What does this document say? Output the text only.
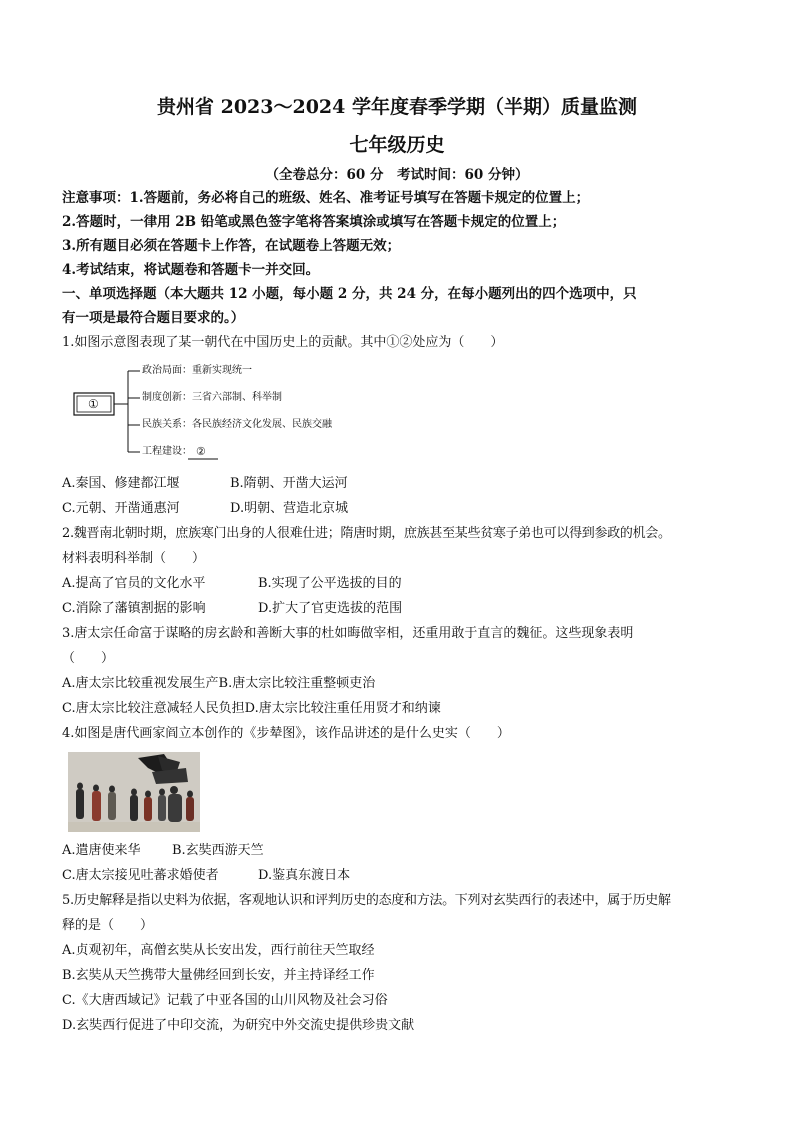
贵州省 2023～2024 学年度春季学期（半期）质量监测
七年级历史
（全卷总分：60 分　考试时间：60 分钟）
注意事项：1.答题前，务必将自己的班级、姓名、准考证号填写在答题卡规定的位置上；
2.答题时，一律用 2B 铅笔或黑色签字笔将答案填涂或填写在答题卡规定的位置上；
3.所有题目必须在答题卡上作答，在试题卷上答题无效；
4.考试结束，将试题卷和答题卡一并交回。
一、单项选择题（本大题共 12 小题，每小题 2 分，共 24 分，在每小题列出的四个选项中，只
有一项是最符合题目要求的。）
1.如图示意图表现了某一朝代在中国历史上的贡献。其中①②处应为（　　）
①
政治局面：重新实现统一
制度创新：三省六部制、科举制
民族关系：各民族经济文化发展、民族交融
工程建设： ②
A.秦国、修建都江堰	B.隋朝、开凿大运河
C.元朝、开凿通惠河	D.明朝、营造北京城
2.魏晋南北朝时期，庶族寒门出身的人很难仕进；隋唐时期，庶族甚至某些贫寒子弟也可以得到参政的机会。
材料表明科举制（　　）
A.提高了官员的文化水平	B.实现了公平选拔的目的
C.消除了藩镇割据的影响	D.扩大了官吏选拔的范围
3.唐太宗任命富于谋略的房玄龄和善断大事的杜如晦做宰相，还重用敢于直言的魏征。这些现象表明
（　　）
A.唐太宗比较重视发展生产 B.唐太宗比较注重整顿吏治
C.唐太宗比较注意减轻人民负担 D.唐太宗比较注重任用贤才和纳谏
4.如图是唐代画家阎立本创作的《步辇图》，该作品讲述的是什么史实（　　）
A.遣唐使来华	B.玄奘西游天竺
C.唐太宗接见吐蕃求婚使者	D.鉴真东渡日本
5.历史解释是指以史料为依据，客观地认识和评判历史的态度和方法。下列对玄奘西行的表述中，属于历史解
释的是（　　）
A.贞观初年，高僧玄奘从长安出发，西行前往天竺取经
B.玄奘从天竺携带大量佛经回到长安，并主持译经工作
C.《大唐西域记》记载了中亚各国的山川风物及社会习俗
D.玄奘西行促进了中印交流，为研究中外交流史提供珍贵文献
